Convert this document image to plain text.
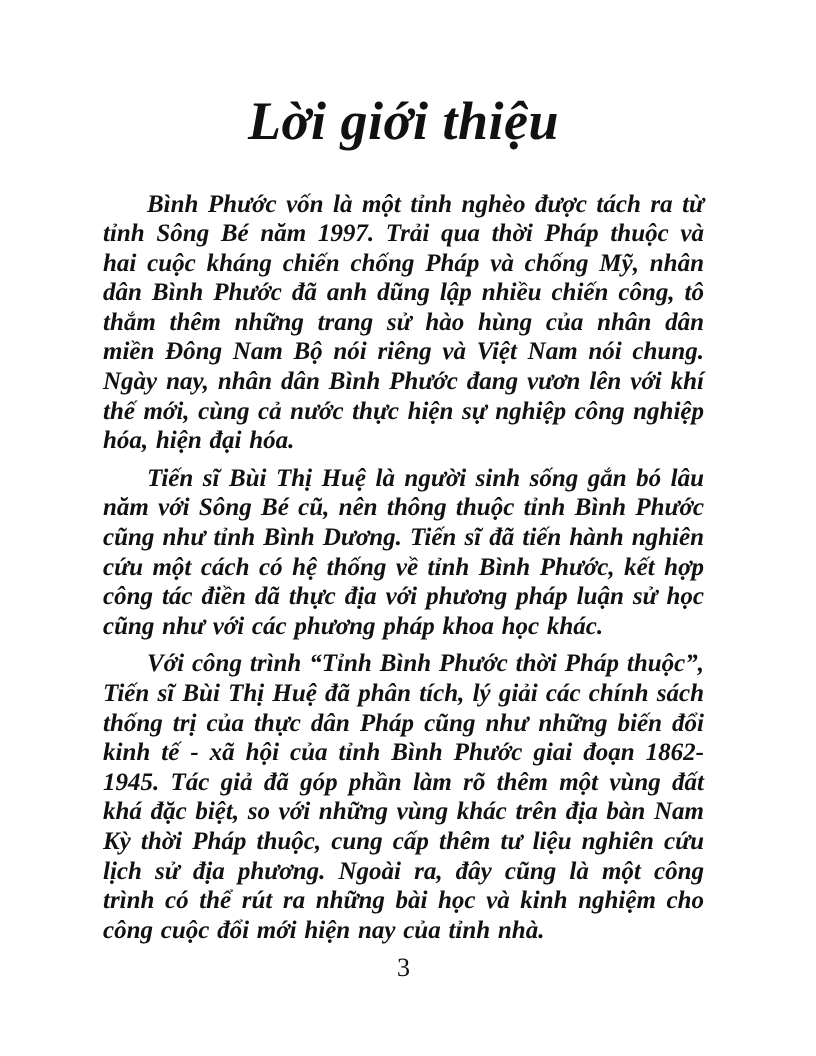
Lời giới thiệu

Bình Phước vốn là một tỉnh nghèo được tách ra từ tỉnh Sông Bé năm 1997. Trải qua thời Pháp thuộc và hai cuộc kháng chiến chống Pháp và chống Mỹ, nhân dân Bình Phước đã anh dũng lập nhiều chiến công, tô thắm thêm những trang sử hào hùng của nhân dân miền Đông Nam Bộ nói riêng và Việt Nam nói chung. Ngày nay, nhân dân Bình Phước đang vươn lên với khí thế mới, cùng cả nước thực hiện sự nghiệp công nghiệp hóa, hiện đại hóa.

Tiến sĩ Bùi Thị Huệ là người sinh sống gắn bó lâu năm với Sông Bé cũ, nên thông thuộc tỉnh Bình Phước cũng như tỉnh Bình Dương. Tiến sĩ đã tiến hành nghiên cứu một cách có hệ thống về tỉnh Bình Phước, kết hợp công tác điền dã thực địa với phương pháp luận sử học cũng như với các phương pháp khoa học khác.

Với công trình “Tỉnh Bình Phước thời Pháp thuộc”, Tiến sĩ Bùi Thị Huệ đã phân tích, lý giải các chính sách thống trị của thực dân Pháp cũng như những biến đổi kinh tế - xã hội của tỉnh Bình Phước giai đoạn 1862-1945. Tác giả đã góp phần làm rõ thêm một vùng đất khá đặc biệt, so với những vùng khác trên địa bàn Nam Kỳ thời Pháp thuộc, cung cấp thêm tư liệu nghiên cứu lịch sử địa phương. Ngoài ra, đây cũng là một công trình có thể rút ra những bài học và kinh nghiệm cho công cuộc đổi mới hiện nay của tỉnh nhà.

3
